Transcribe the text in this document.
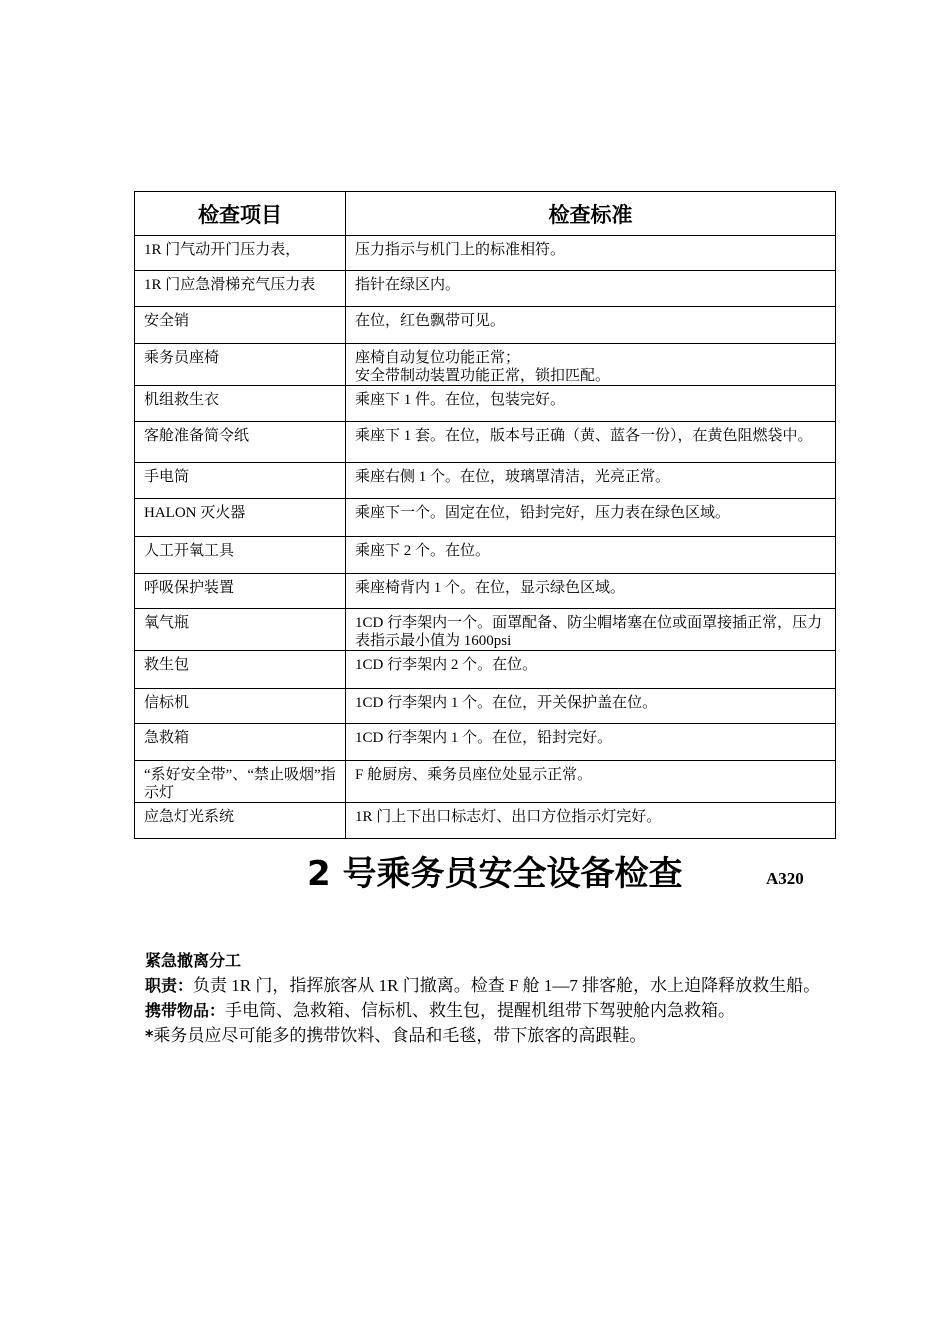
检查项目	检查标准
1R 门气动开门压力表，	压力指示与机门上的标准相符。
1R 门应急滑梯充气压力表	指针在绿区内。
安全销	在位，红色飘带可见。
乘务员座椅	座椅自动复位功能正常；
安全带制动装置功能正常，锁扣匹配。
机组救生衣	乘座下 1 件。在位，包装完好。
客舱准备简令纸	乘座下 1 套。在位，版本号正确（黄、蓝各一份），在黄色阻燃袋中。
手电筒	乘座右侧 1 个。在位，玻璃罩清洁，光亮正常。
HALON 灭火器	乘座下一个。固定在位，铅封完好，压力表在绿色区域。
人工开氧工具	乘座下 2 个。在位。
呼吸保护装置	乘座椅背内 1 个。在位，显示绿色区域。
氧气瓶	1CD 行李架内一个。面罩配备、防尘帽堵塞在位或面罩接插正常，压力表指示最小值为 1600psi
救生包	1CD 行李架内 2 个。在位。
信标机	1CD 行李架内 1 个。在位，开关保护盖在位。
急救箱	1CD 行李架内 1 个。在位，铅封完好。
“系好安全带”、“禁止吸烟”指示灯	F 舱厨房、乘务员座位处显示正常。
应急灯光系统	1R 门上下出口标志灯、出口方位指示灯完好。
2 号乘务员安全设备检查	A320

紧急撤离分工

职责：负责 1R 门，指挥旅客从 1R 门撤离。检查 F 舱 1—7 排客舱，水上迫降释放救生船。

携带物品：手电筒、急救箱、信标机、救生包，提醒机组带下驾驶舱内急救箱。

*乘务员应尽可能多的携带饮料、食品和毛毯，带下旅客的高跟鞋。
